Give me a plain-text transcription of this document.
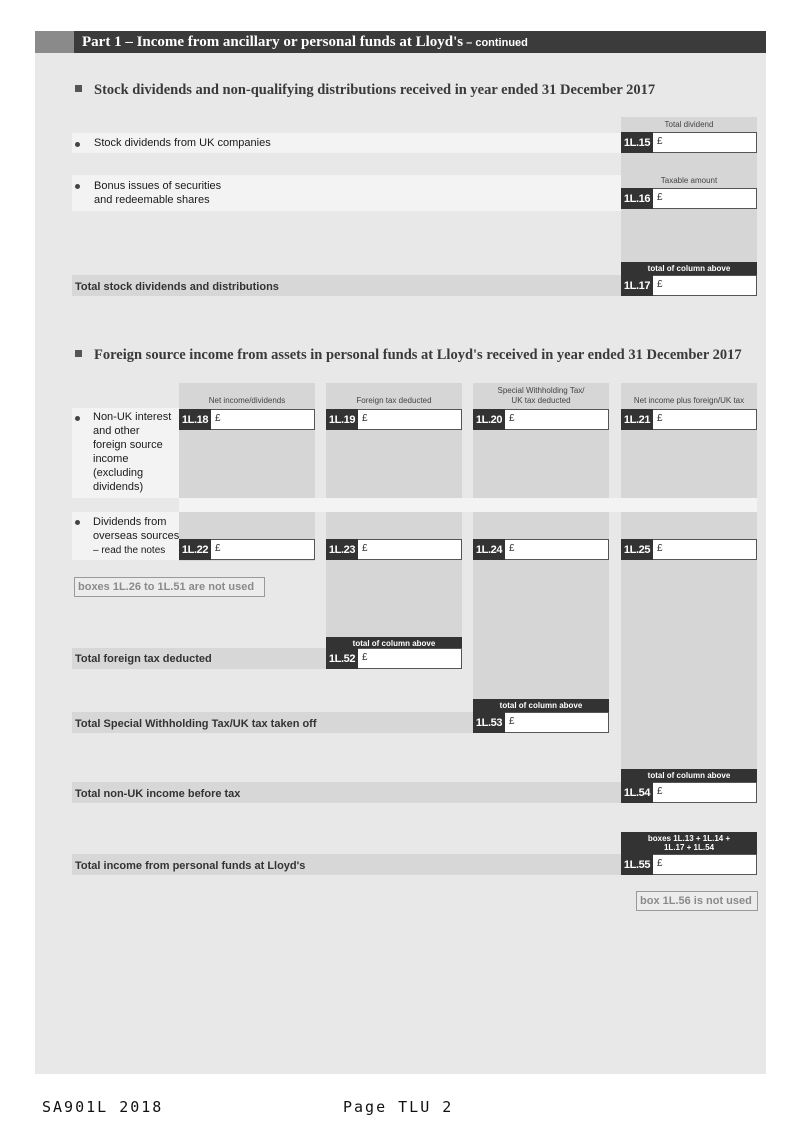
Part 1 – Income from ancillary or personal funds at Lloyd's – continued
Stock dividends and non-qualifying distributions received in year ended 31 December 2017
Total dividend
Stock dividends from UK companies	1L.15 £
Taxable amount
Bonus issues of securities
and redeemable shares	1L.16 £
Total stock dividends and distributions
total of column above
1L.17 £
Foreign source income from assets in personal funds at Lloyd's received in year ended 31 December 2017
Net income/dividends	Foreign tax deducted
Special Withholding Tax/
UK tax deducted	Net income plus foreign/UK tax
Non-UK interest
and other
foreign source
income
(excluding
dividends)
1L.18 £	1L.19 £	1L.20 £	1L.21 £
Dividends from
overseas sources
– read the notes 1L.22 £	1L.23 £	1L.24 £	1L.25 £
boxes 1L.26 to 1L.51 are not used
Total foreign tax deducted
total of column above
1L.52 £
Total Special Withholding Tax/UK tax taken off
total of column above
1L.53 £
Total non-UK income before tax
total of column above
1L.54 £
Total income from personal funds at Lloyd's
boxes 1L.13 + 1L.14 +
1L.17 + 1L.54
1L.55 £
box 1L.56 is not used
SA901L 2018	Page TLU 2
